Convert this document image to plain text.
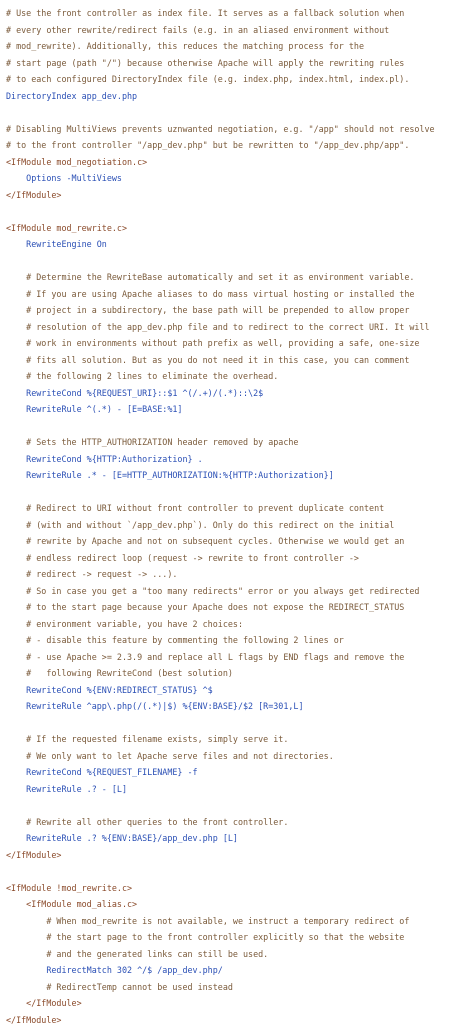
# Use the front controller as index file. It serves as a fallback solution when
# every other rewrite/redirect fails (e.g. in an aliased environment without
# mod_rewrite). Additionally, this reduces the matching process for the
# start page (path "/") because otherwise Apache will apply the rewriting rules
# to each configured DirectoryIndex file (e.g. index.php, index.html, index.pl).
DirectoryIndex app_dev.php
# Disabling MultiViews prevents uznwanted negotiation, e.g. "/app" should not resolve
# to the front controller "/app_dev.php" but be rewritten to "/app_dev.php/app".
<IfModule mod_negotiation.c>
Options -MultiViews
</IfModule>
<IfModule mod_rewrite.c>
RewriteEngine On
# Determine the RewriteBase automatically and set it as environment variable.
# If you are using Apache aliases to do mass virtual hosting or installed the
# project in a subdirectory, the base path will be prepended to allow proper
# resolution of the app_dev.php file and to redirect to the correct URI. It will
# work in environments without path prefix as well, providing a safe, one-size
# fits all solution. But as you do not need it in this case, you can comment
# the following 2 lines to eliminate the overhead.
RewriteCond %{REQUEST_URI}::$1 ^(/.+)/(.*)::\2$
RewriteRule ^(.*) - [E=BASE:%1]
# Sets the HTTP_AUTHORIZATION header removed by apache
RewriteCond %{HTTP:Authorization} .
RewriteRule .* - [E=HTTP_AUTHORIZATION:%{HTTP:Authorization}]
# Redirect to URI without front controller to prevent duplicate content
# (with and without `/app_dev.php`). Only do this redirect on the initial
# rewrite by Apache and not on subsequent cycles. Otherwise we would get an
# endless redirect loop (request -> rewrite to front controller ->
# redirect -> request -> ...).
# So in case you get a "too many redirects" error or you always get redirected
# to the start page because your Apache does not expose the REDIRECT_STATUS
# environment variable, you have 2 choices:
# - disable this feature by commenting the following 2 lines or
# - use Apache >= 2.3.9 and replace all L flags by END flags and remove the
#   following RewriteCond (best solution)
RewriteCond %{ENV:REDIRECT_STATUS} ^$
RewriteRule ^app\.php(/(.*)|$) %{ENV:BASE}/$2 [R=301,L]
# If the requested filename exists, simply serve it.
# We only want to let Apache serve files and not directories.
RewriteCond %{REQUEST_FILENAME} -f
RewriteRule .? - [L]
# Rewrite all other queries to the front controller.
RewriteRule .? %{ENV:BASE}/app_dev.php [L]
</IfModule>
<IfModule !mod_rewrite.c>
<IfModule mod_alias.c>
# When mod_rewrite is not available, we instruct a temporary redirect of
# the start page to the front controller explicitly so that the website
# and the generated links can still be used.
RedirectMatch 302 ^/$ /app_dev.php/
# RedirectTemp cannot be used instead
</IfModule>
</IfModule>
